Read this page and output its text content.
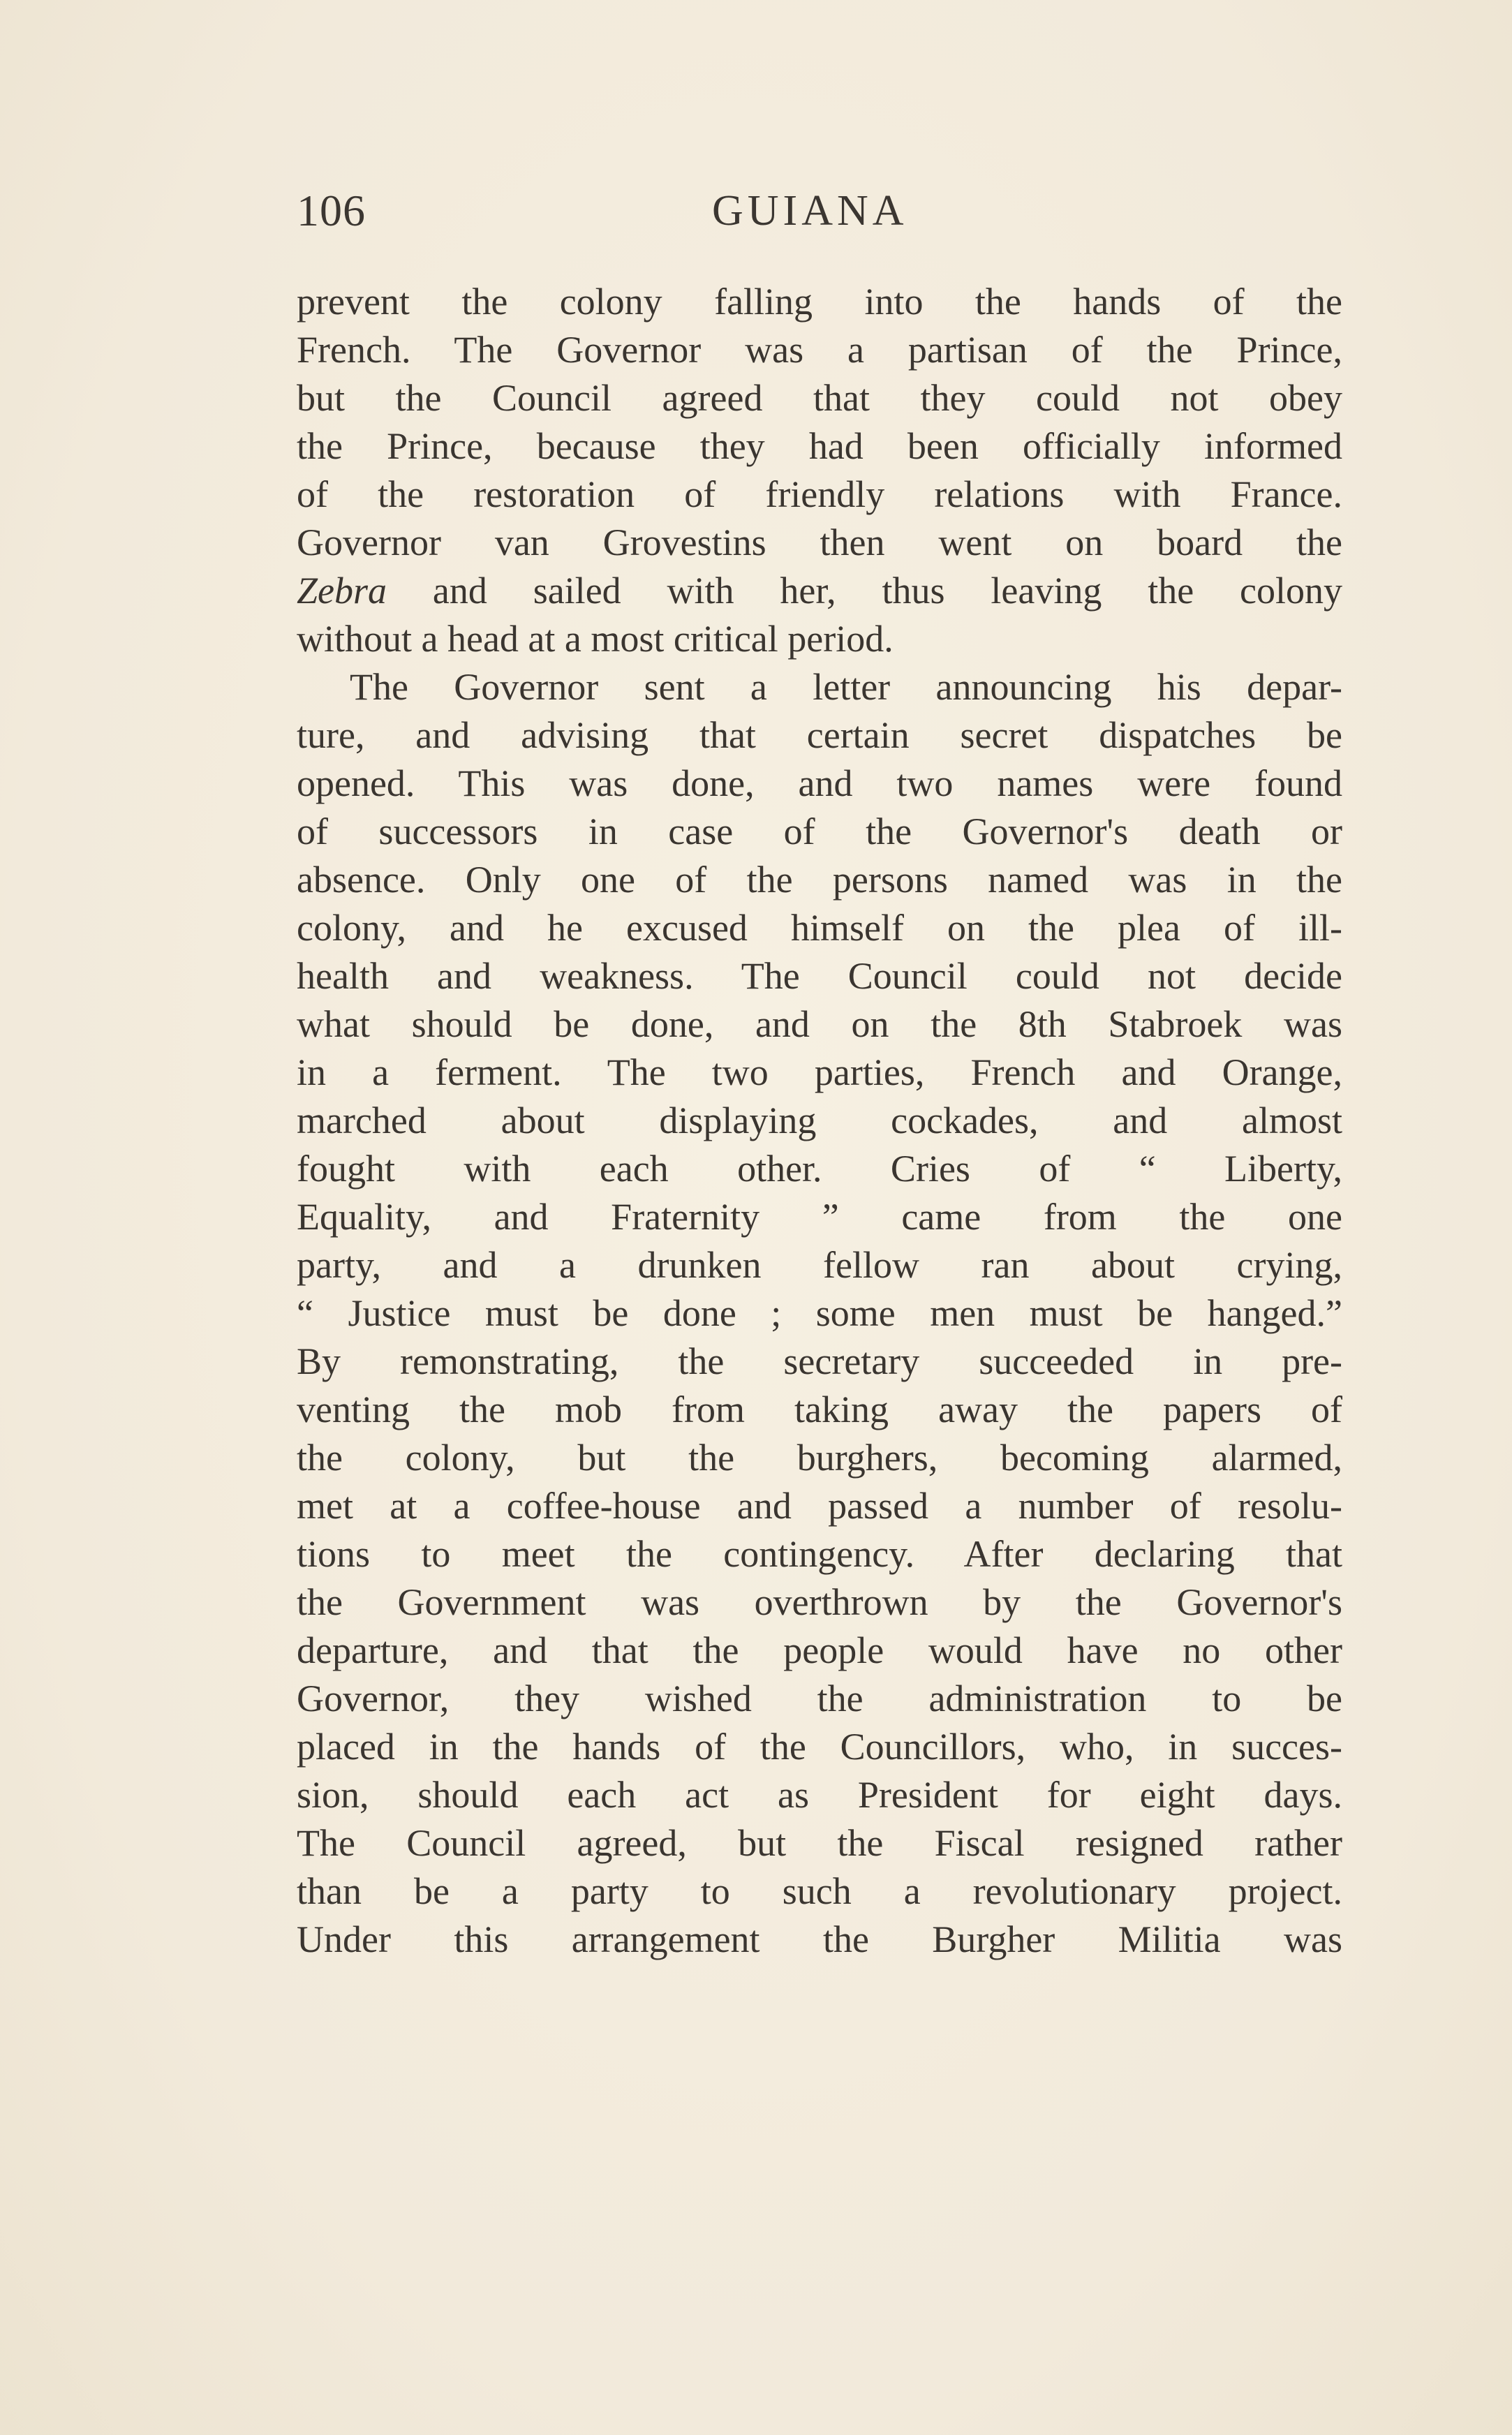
106	GUIANA
prevent the colony falling into the hands of the
French. The Governor was a partisan of the Prince,
but the Council agreed that they could not obey
the Prince, because they had been officially informed
of the restoration of friendly relations with France.
Governor van Grovestins then went on board the
Zebra and sailed with her, thus leaving the colony
without a head at a most critical period.
The Governor sent a letter announcing his depar-
ture, and advising that certain secret dispatches be
opened. This was done, and two names were found
of successors in case of the Governor's death or
absence. Only one of the persons named was in the
colony, and he excused himself on the plea of ill-
health and weakness. The Council could not decide
what should be done, and on the 8th Stabroek was
in a ferment. The two parties, French and Orange,
marched about displaying cockades, and almost
fought with each other. Cries of “ Liberty,
Equality, and Fraternity ” came from the one
party, and a drunken fellow ran about crying,
“ Justice must be done ; some men must be hanged.”
By remonstrating, the secretary succeeded in pre-
venting the mob from taking away the papers of
the colony, but the burghers, becoming alarmed,
met at a coffee-house and passed a number of resolu-
tions to meet the contingency. After declaring that
the Government was overthrown by the Governor's
departure, and that the people would have no other
Governor, they wished the administration to be
placed in the hands of the Councillors, who, in succes-
sion, should each act as President for eight days.
The Council agreed, but the Fiscal resigned rather
than be a party to such a revolutionary project.
Under this arrangement the Burgher Militia was
